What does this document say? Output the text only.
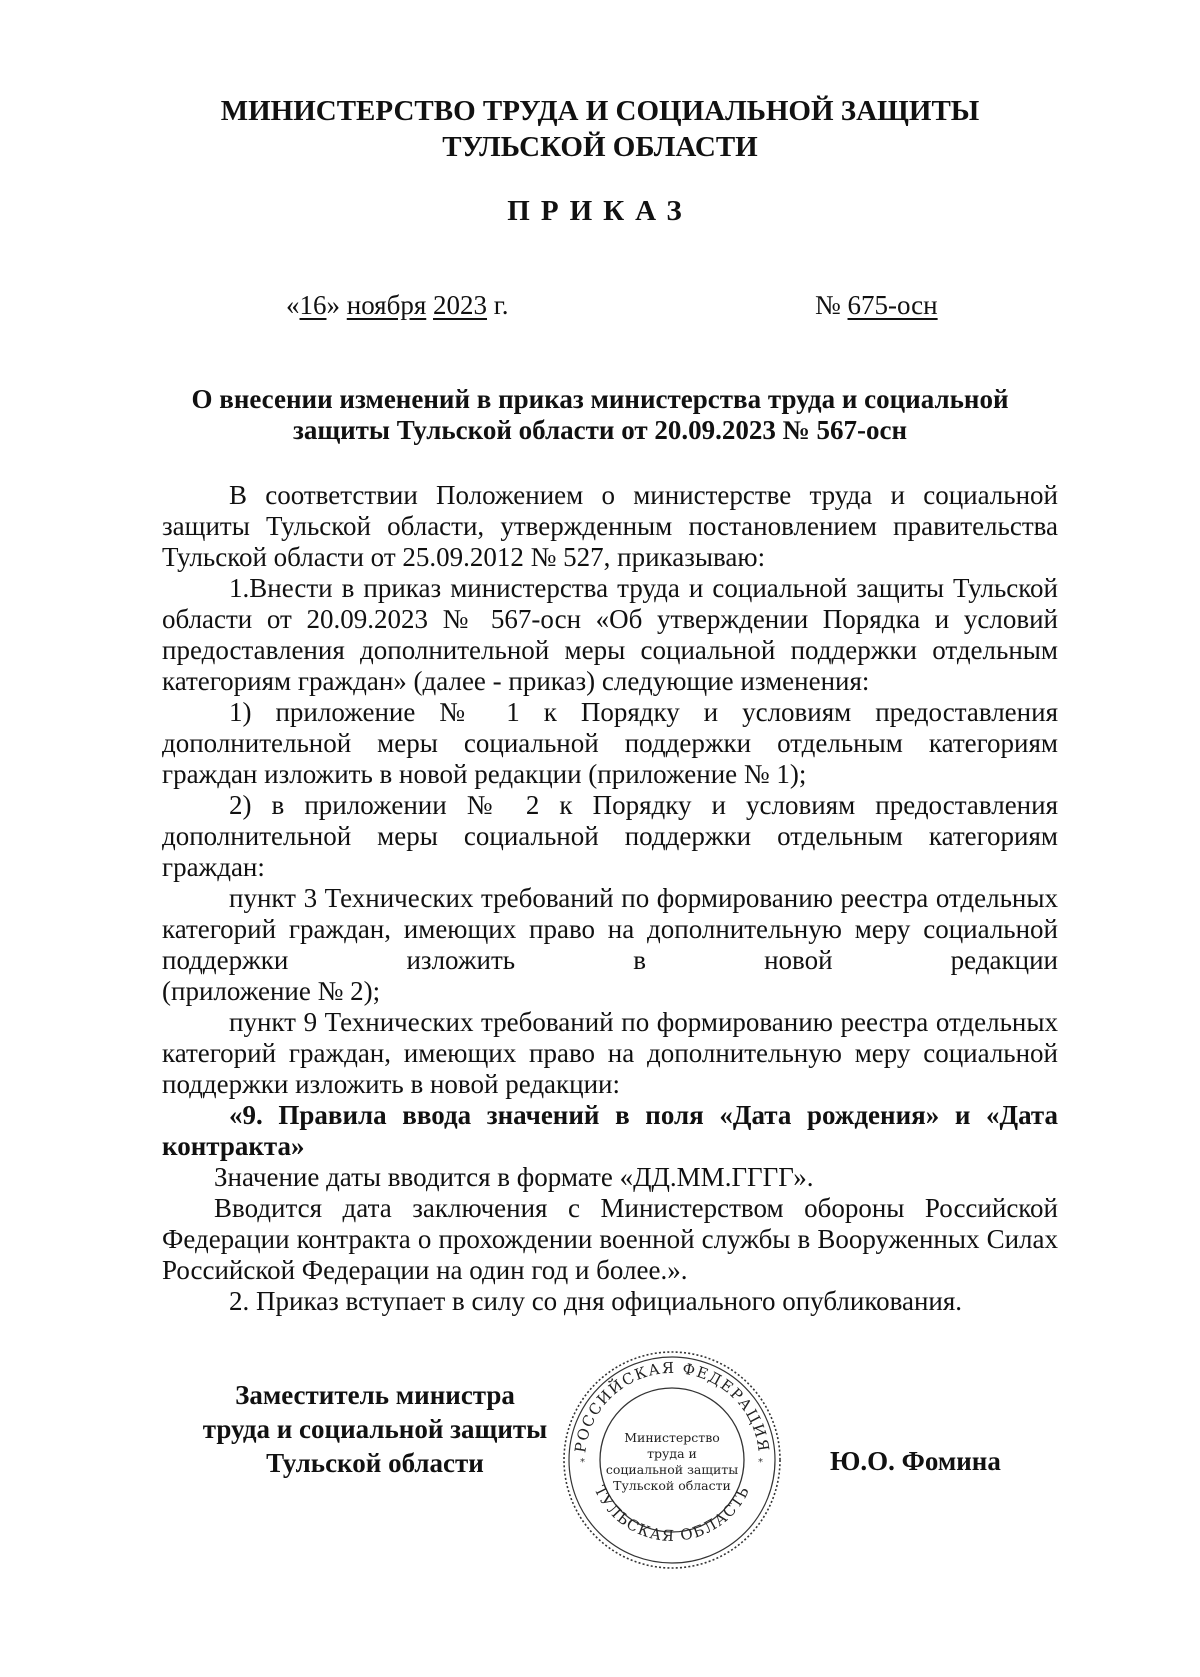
МИНИСТЕРСТВО ТРУДА И СОЦИАЛЬНОЙ ЗАЩИТЫ
ТУЛЬСКОЙ ОБЛАСТИ
ПРИКАЗ
«16» ноября 2023 г.	№ 675-осн
О внесении изменений в приказ министерства труда и социальной
защиты Тульской области от 20.09.2023 № 567-осн

В соответствии Положением о министерстве труда и социальной защиты Тульской области, утвержденным постановлением правительства Тульской области от 25.09.2012 № 527, приказываю:

1.Внести в приказ министерства труда и социальной защиты Тульской области от 20.09.2023 № 567-осн «Об утверждении Порядка и условий предоставления дополнительной меры социальной поддержки отдельным категориям граждан» (далее - приказ) следующие изменения:

1) приложение № 1 к Порядку и условиям предоставления дополнительной меры социальной поддержки отдельным категориям граждан изложить в новой редакции (приложение № 1);

2) в приложении № 2 к Порядку и условиям предоставления дополнительной меры социальной поддержки отдельным категориям граждан:

пункт 3 Технических требований по формированию реестра отдельных категорий граждан, имеющих право на дополнительную меру социальной

поддержки изложить в новой редакции

(приложение № 2);

пункт 9 Технических требований по формированию реестра отдельных категорий граждан, имеющих право на дополнительную меру социальной поддержки изложить в новой редакции:

«9. Правила ввода значений в поля «Дата рождения» и «Дата контракта»

Значение даты вводится в формате «ДД.ММ.ГГГГ».

Вводится дата заключения с Министерством обороны Российской Федерации контракта о прохождении военной службы в Вооруженных Силах Российской Федерации на один год и более.».

2. Приказ вступает в силу со дня официального опубликования.

Заместитель министра
труда и социальной защиты
Тульской области
РОССИЙСКАЯ ФЕДЕРАЦИЯ
ТУЛЬСКАЯ ОБЛАСТЬ
*	*
Министерство
труда и
социальной защиты
Тульской области
Ю.О. Фомина
